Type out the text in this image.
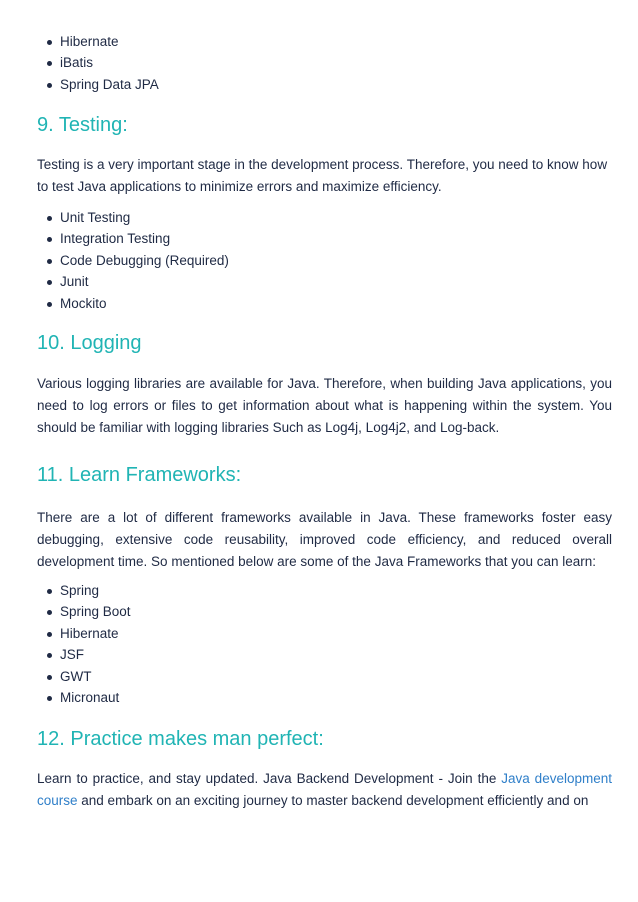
Hibernate
iBatis
Spring Data JPA
9. Testing:

Testing is a very important stage in the development process. Therefore, you need to know how to test Java applications to minimize errors and maximize efficiency.

Unit Testing
Integration Testing
Code Debugging (Required)
Junit
Mockito
10. Logging

Various logging libraries are available for Java. Therefore, when building Java applications, you need to log errors or files to get information about what is happening within the system. You should be familiar with logging libraries Such as Log4j, Log4j2, and Log-back.

11. Learn Frameworks:

There are a lot of different frameworks available in Java. These frameworks foster easy debugging, extensive code reusability, improved code efficiency, and reduced overall development time. So mentioned below are some of the Java Frameworks that you can learn:

Spring
Spring Boot
Hibernate
JSF
GWT
Micronaut
12. Practice makes man perfect:

Learn to practice, and stay updated. Java Backend Development - Join the Java development course and embark on an exciting journey to master backend development efficiently and on
